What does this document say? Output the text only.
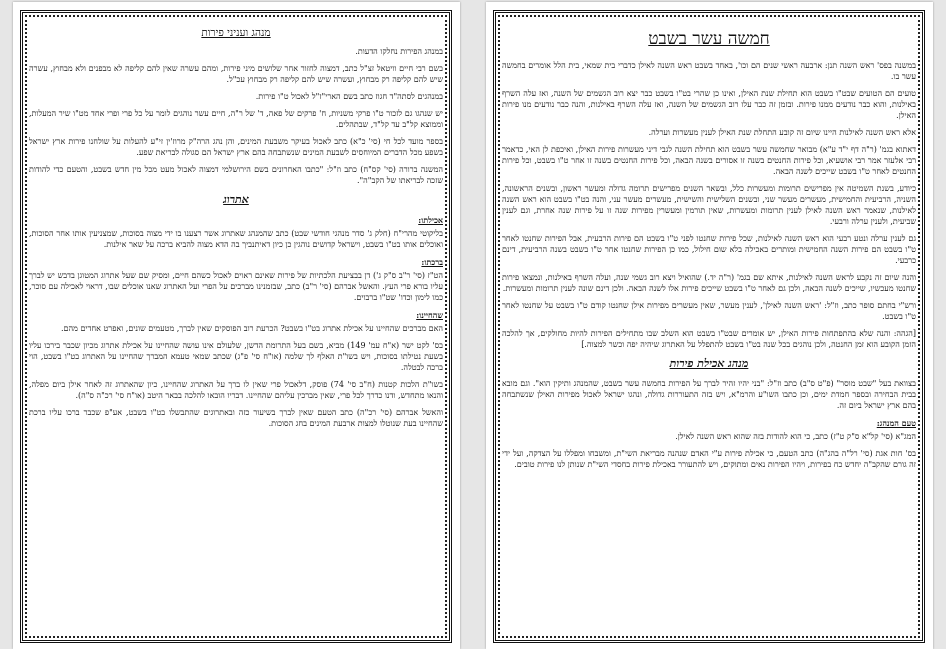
מנהג ועניני פירות
במנהג הפירות נחלקו הדעות.
בשם רבי חיים וויטאל זצ"ל כתב, דמצוה לחזור אחר שלושים מיני פירות, ומהם עשרה שאין להם קליפה לא מבפנים ולא מבחוץ, עשרה שיש להם קליפה רק מבחוץ, ועשרה שיש להם קליפה רק מבחוץ עכ"ל.
במנהגים לסתה"ד חגוז כתב בשם הארי"ז"ל לאכול ט"ו פירות.
יש שנהגו גם לזכור ט"ו פרקי משניות, ח' פרקים של פאה, ד' של ר"ה, חיים עשר נוהגים לומר על כל פרי ופרי אחד מט"ו שיר המעלות, וממוצא קל"ב עד קל"ד, שבתהלים.
בספר מועד לכל חי (סי' כ"א) כתב לאכול בעיקר משבעת המינים, והן נהג הרה"ק מרוז'ין זי"ע להעלות על שולחנו פירות ארץ ישראל בשפע מכל הדברים המיוחסים לשבעת המינים שנשתבחה בהם ארץ ישראל הם סגולה לבריאת שפע.
המשנה ברורה (סי' קס"ח) כתב וז"ל: "כתבו האחרונים בשם הירושלמי דמצוה לאכול מעט מכל מין חדש בשבט, והטעם כדי להודות שזכה לבריאתו של הקב"ה".
אתרוג
אכילתו:
בליקוטי מהרי"ח (חלק ג' סדר מנהגי חודשי שבט) כתב שהמנהג שאתרוג אשר רצענו בו ידי מצוה בסוכות, שמצניעין אותו אחר הסוכות, ואוכלים אותו בט"ו בשבט, וישראל קדושים נוהגין כן כיון דאיתנביך בה הדא מצוה להביא ברכה על שאר אילנות.
ברכתו:
הט"ז (סי' ר"ב ס"ק ג') דן בבציעת הלכתיות של פירות שאינם ראוים לאכול כשהם חיים, ומסיק שם שעל אתרוג המטוגן בדבש יש לברך עליו בורא פרי העץ. והאשל אברהם (סי' ר"ב) כתב, שבזמנינו מברכים על הפרי ועל האתרוג שאנו אוכלים שבו, דראוי לאכילה עם סוכר, כמו לימון וכדו' שט"ו ברבוים.
שהחיינו:
האם מברכים שהחיינו על אכילת אתרוג בט"ו בשבט? הכרעת רוב הפוסקים שאין לברך, מטעמים שונים, ואפרט אחדים מהם.
בס' לקט ישר (א"ח עמ' 149) מביא, בשם בעל התרומת הדשן, שלעולם אינו עושה שהחיינו על אכילת אתרוג מכיון שכבר בירכו עליו בשעת נטילתו בסוכות, ויש בשו"ת האלף לך שלמה (או"ח סי' פ"ג) שכתב שמאי טעמא המברך שהחיינו על האתרוג בט"ו בשבט, הוי ברכה לבטלה.
בשו"ת הלכות קטנות (ח"ב סי' 74) פוסק, דלאכול פרי שאין לו ברך על האתרוג שהחיינו, כיון שהאתרוג זה לאחר אילן ביום מפלה, והנאו מתחדש, ודנו כדרך לכל פרי, שאין מברכין עליהם שהחיינו. דבריו הובאו להלכה בבאר היטב (או"ח סי' רכ"ה ס"ה).
והאשל אברהם (סי' רכ"ה) כתב הטעם שאין לברך בשיעור כזה ובאתרוגים שהתבשלו בט"ו בשבט, אע"פ שכבר ברכו עליו ברכת שהחיינו בעת שנוטלו למצות ארבעת המינים בחג הסוכות.
חמשה עשר בשבט
במשנה בפס' ראש השנה תנן: ארבעה ראשי שנים הם וכו', באחד בשבט ראש השנה לאילן כדברי בית שמאי, בית הלל אומרים בחמשה עשר בו.
טועים הם הטועים שבט"ו בשבט הוא תחילת שנת האילן, ואינו כן שהרי בט"ו בשבט כבר יצא רוב הגשמים של השנה, ואז עלה השרף באילנות, והוא כבר נודעים ממנו פירות. ובזמן זה כבר עלו רוב הגשמים של השנה, ואז עלה השרף באילנות, והנה כבר נודעים מנו פירות האילן.
אלא ראש השנה לאילנות היינו שיום זה קובע התחלת שנת האילן לענין מעשרות וערלה.
דאתוא בגמ' (ר"ה דף י"ד ע"א) מבואר שחמשה עשר בשבט הוא תחילת השנה לגבי דיני מעשרות פירות האילן, ואיכפת לן האי, כדאמר רבי אלעזר אמר רבי אושעיא, וכל פירות החנטים בשנה זו אסורים בשנה הבאה, וכל פירות החנטים בשנה זו אחר ט"ו בשבט, וכל פירות החנטים לאחר ט"ו בשבט שייכים לשנה הבאה.
כיודע, בשנת השמיטה אין מפרישים תרומות ומעשרות כלל, ובשאר השנים מפרישים תרומה גדולה ומעשר ראשון, ובשנים הראשונה, השניה, הרביעית והחמישית, מעשרים מעשר שני, ובשנים השלישית והשישית, מעשרים מעשר עני, והנה בט"ו בשבט הוא ראש השנה לאילנות, שנאמר ראש השנה לאילן לענין תרומות ומעשרות, שאין תורמין ומעשרין מפירות שנה זו על פירות שנה אחרת, וגם לענין שביעית, ולענין ערלה ורבעי.
גם לענין ערלה ונטע רבעי הוא ראש השנה לאילנות, שכל פירות שחנטו לפני ט"ו בשבט הם פירות הרבעית, אבל הפירות שחנטו לאחר ט"ו בשבט הם פירות השנה החמישית ומותרים באכילה בלא שום חילול, כמו כן הפירות שחנטו אחר ט"ו בשבט בשנה הרביעית, דינם כרבעי.
והנה שיום זה נקבע לראש השנה לאילנות, איתא שם בגמ' (ר"ה יד.) שהואיל ויצא רוב גשמי שנה, ועלה השרף באילנות, ונמצאו פירות שחנטו מעכשיו, שייכים לשנה הבאה, ולכן גם לאחר ט"ו בשבט שייכים פירות אלו לשנה הבאה. ולכן דינם שונה לענין תרומות ומעשרות.
ורש"י בחתם סופר כתב, וז"ל: 'ראש השנה לאילן', לענין מעשר, שאין מעשרים מפירות אילן שחנטו קודם ט"ו בשבט על שחנטו לאחר ט"ו בשבט.
[הגהה: והנה שלא בהתפתחות פירות האילן, יש אומרים שבט"ו בשבט הוא השלב שבו מתחילים הפירות להיות מחולקים, אך להלכה הזמן הקובע הוא זמן החנטה, ולכן נוהגים בכל שנה בט"ו בשבט להתפלל על האתרוג שיהיה יפה וכשר למצוה.]
מנהג אכילת פירות
בצוואת בעל "שבט מוסר" (פ"ט ס"ב) כתב וז"ל: "בני יהיו זהיר לברך על הפירות בחמשה עשר בשבט, שהמנהג ותיקין הוא". וגם מובא בבית הבחירה ובספר חמדת ימים, וכן כתבו השו"ע והרמ"א, ויש בזה התעוררות גדולה, ונהגו ישראל לאכול מפירות האילן שנשתבחה בהם ארץ ישראל ביום זה.
טעם המנהג:
המג"א (סי' קל"א ס"ק ט"ז) כתב, כי הוא להודות בזה שהוא ראש השנה לאילן.
בס' חות אגת (סי' רל"ה בהג"ה) כתב הטעם, כי אכילת פירות ע"י האדם שנהנה מבריאת השי"ת, ומשבחו ומפללו על הצדקה, ועל ידי זה גורם שהקב"ה יחדש כח בפירות, ויהיו הפירות נאים ומתוקים, ויש להתעורר באכילת פירות בחסדי השי"ת שנותן לנו פירות טובים.
